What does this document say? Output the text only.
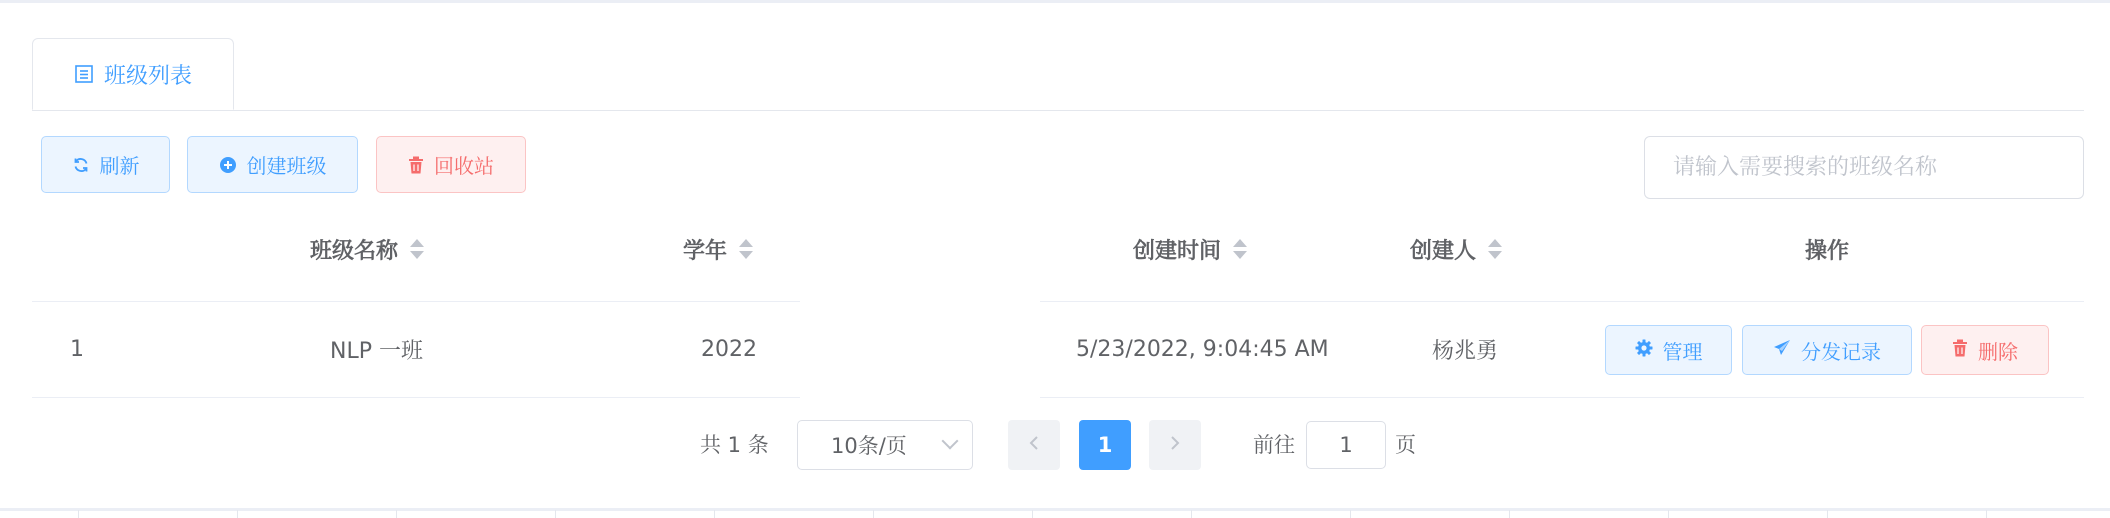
班级列表
刷新	创建班级	回收站
请输入需要搜索的班级名称
班级名称	学年	创建时间	创建人	操作
1	NLP 一班	2022	5/23/2022, 9:04:45 AM	杨兆勇	管理	分发记录	删除
共 1 条	10条/页	1	前往
1	页
